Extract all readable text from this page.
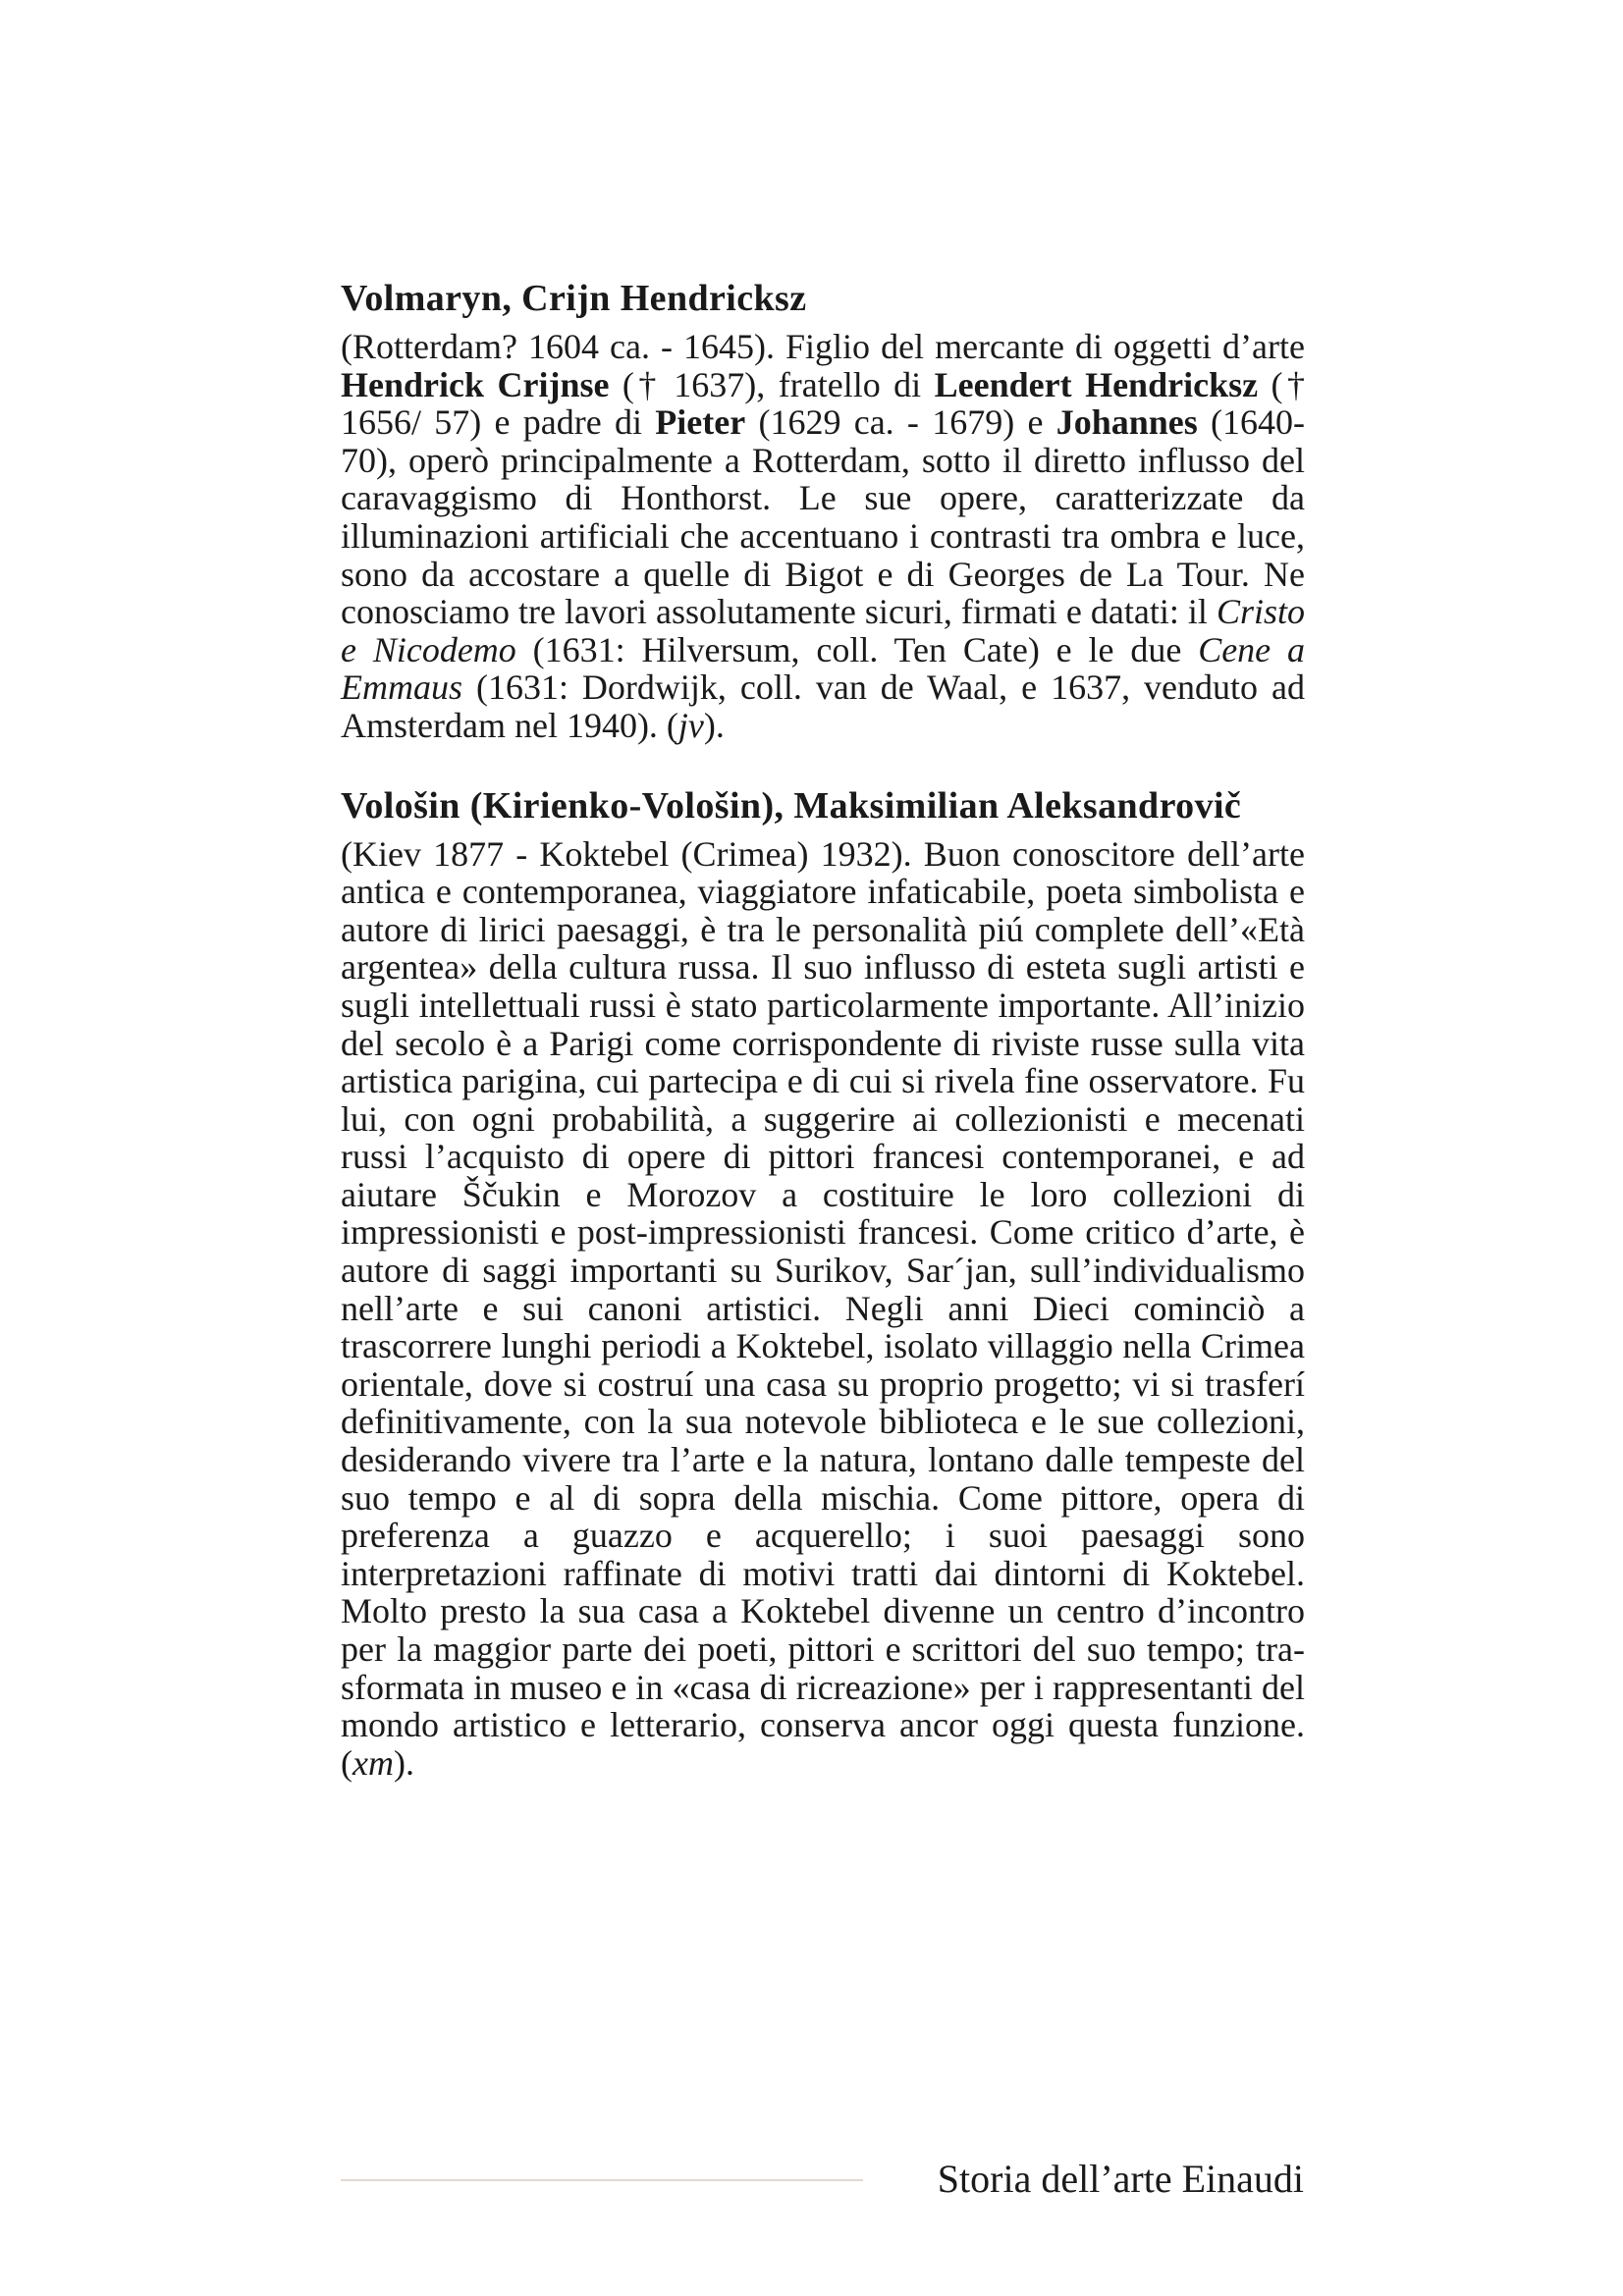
Volmaryn, Crijn Hendricksz

(Rotterdam? 1604 ca. - 1645). Figlio del mercante di oggetti d’arte Hendrick Crijnse († 1637), fratello di Leendert Hendricksz († 1656/ 57) e padre di Pieter (1629 ca. - 1679) e Johannes (1640-70), operò principalmente a Rotterdam, sotto il diretto influsso del caravaggismo di Honthorst. Le sue opere, caratterizzate da illuminazioni artificiali che accentuano i contrasti tra ombra e luce, sono da accostare a quelle di Bigot e di Georges de La Tour. Ne conosciamo tre lavori assolutamente sicuri, firmati e datati: il Cristo e Nicodemo (1631: Hilversum, coll. Ten Cate) e le due Cene a Emmaus (1631: Dordwijk, coll. van de Waal, e 1637, venduto ad Amsterdam nel 1940). (jv).

Vološin (Kirienko-Vološin), Maksimilian Aleksandrovič

(Kiev 1877 - Koktebel (Crimea) 1932). Buon conoscitore dell’arte antica e contemporanea, viaggiatore infaticabile, poeta simbolista e autore di lirici paesaggi, è tra le personalità piú complete dell’«Età argentea» della cultura russa. Il suo influsso di esteta sugli artisti e sugli intellettuali russi è stato particolarmente importante. All’inizio del secolo è a Parigi come corrispondente di riviste russe sulla vita artistica parigina, cui partecipa e di cui si rivela fine osservatore. Fu lui, con ogni probabilità, a suggerire ai collezionisti e mecenati russi l’acquisto di opere di pittori francesi contemporanei, e ad aiutare Ščukin e Morozov a costituire le loro collezioni di impressionisti e post-impressionisti francesi. Come critico d’arte, è autore di saggi importanti su Surikov, Sar´jan, sull’individualismo nell’arte e sui canoni artistici. Negli anni Dieci cominciò a trascorrere lunghi periodi a Koktebel, isolato villaggio nella Crimea orientale, dove si costruí una casa su proprio progetto; vi si trasferí definitivamente, con la sua notevole biblioteca e le sue collezioni, desiderando vivere tra l’arte e la natura, lontano dalle tempeste del suo tempo e al di sopra della mischia. Come pittore, opera di preferenza a guazzo e acquerello; i suoi paesaggi sono interpretazioni raffinate di motivi tratti dai dintorni di Koktebel. Molto presto la sua casa a Koktebel divenne un centro d’incontro per la maggior parte dei poeti, pittori e scrittori del suo tempo; trasformata in museo e in «casa di ricreazione» per i rappresentanti del mondo artistico e letterario, conserva ancor oggi questa funzione. (xm).

Storia dell’arte Einaudi
